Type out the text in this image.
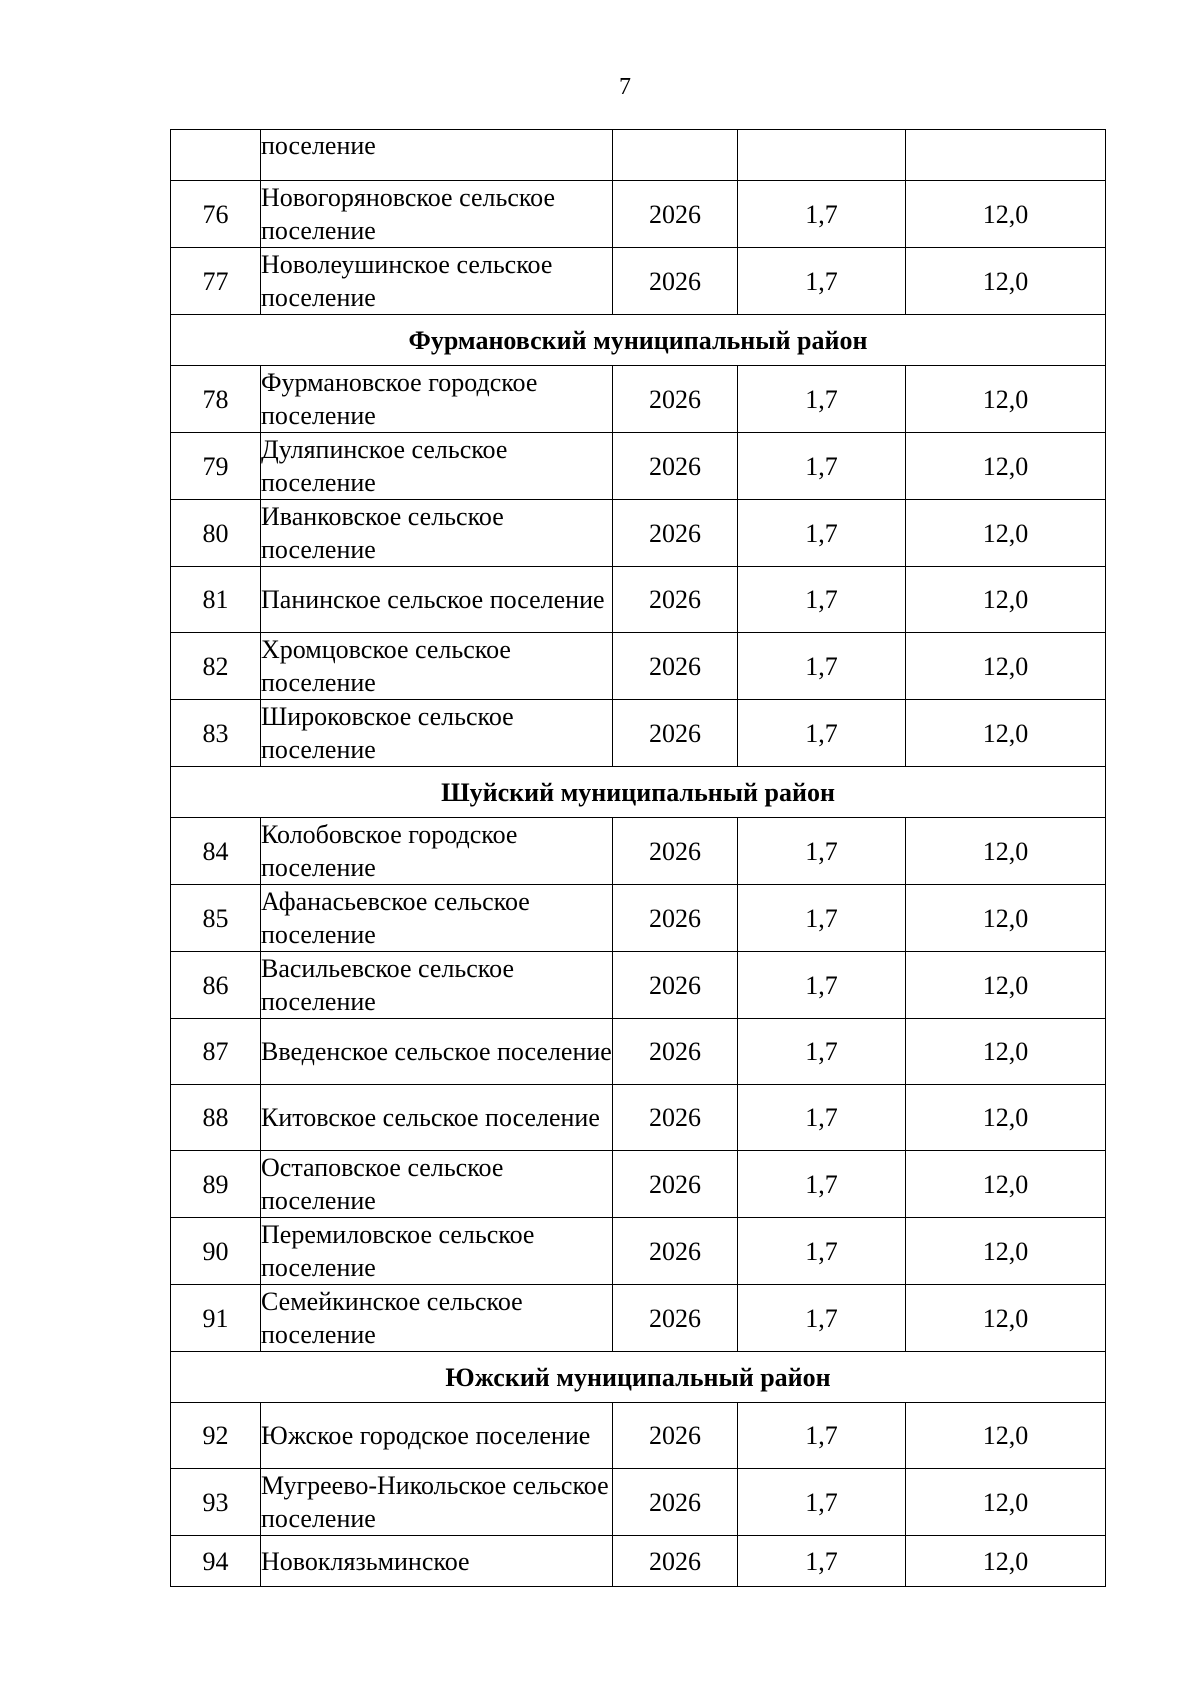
7
	поселение			
76	Новогоряновское сельское поселение	2026	1,7	12,0
77	Новолеушинское сельское поселение	2026	1,7	12,0
Фурмановский муниципальный район				
78	Фурмановское городское поселение	2026	1,7	12,0
79	Дуляпинское сельское поселение	2026	1,7	12,0
80	Иванковское сельское поселение	2026	1,7	12,0
81	Панинское сельское поселение	2026	1,7	12,0
82	Хромцовское сельское поселение	2026	1,7	12,0
83	Широковское сельское поселение	2026	1,7	12,0
Шуйский муниципальный район				
84	Колобовское городское поселение	2026	1,7	12,0
85	Афанасьевское сельское поселение	2026	1,7	12,0
86	Васильевское сельское поселение	2026	1,7	12,0
87	Введенское сельское поселение	2026	1,7	12,0
88	Китовское сельское поселение	2026	1,7	12,0
89	Остаповское сельское поселение	2026	1,7	12,0
90	Перемиловское сельское поселение	2026	1,7	12,0
91	Семейкинское сельское поселение	2026	1,7	12,0
Южский муниципальный район				
92	Южское городское поселение	2026	1,7	12,0
93	Мугреево-Никольское сельское поселение	2026	1,7	12,0
94	Новоклязьминское	2026	1,7	12,0
